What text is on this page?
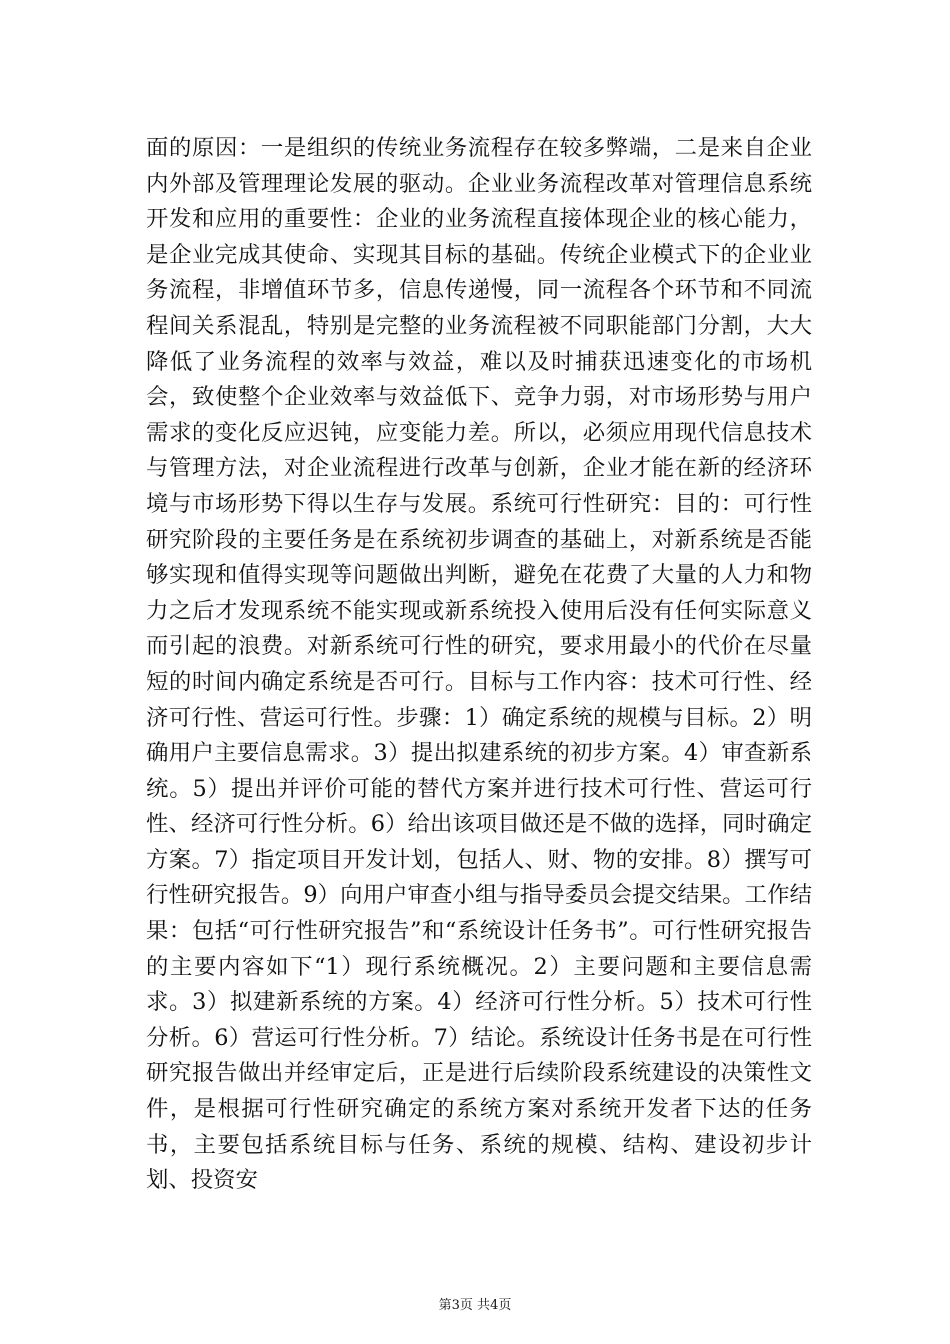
面的原因：一是组织的传统业务流程存在较多弊端，二是来自企业内外部及管理理论发展的驱动。企业业务流程改革对管理信息系统开发和应用的重要性：企业的业务流程直接体现企业的核心能力，是企业完成其使命、实现其目标的基础。传统企业模式下的企业业务流程，非增值环节多，信息传递慢，同一流程各个环节和不同流程间关系混乱，特别是完整的业务流程被不同职能部门分割，大大降低了业务流程的效率与效益，难以及时捕获迅速变化的市场机会，致使整个企业效率与效益低下、竞争力弱，对市场形势与用户需求的变化反应迟钝，应变能力差。所以，必须应用现代信息技术与管理方法，对企业流程进行改革与创新，企业才能在新的经济环境与市场形势下得以生存与发展。系统可行性研究：目的：可行性研究阶段的主要任务是在系统初步调查的基础上，对新系统是否能够实现和值得实现等问题做出判断，避免在花费了大量的人力和物力之后才发现系统不能实现或新系统投入使用后没有任何实际意义而引起的浪费。对新系统可行性的研究，要求用最小的代价在尽量短的时间内确定系统是否可行。目标与工作内容：技术可行性、经济可行性、营运可行性。步骤：1）确定系统的规模与目标。2）明确用户主要信息需求。3）提出拟建系统的初步方案。4）审查新系统。5）提出并评价可能的替代方案并进行技术可行性、营运可行性、经济可行性分析。6）给出该项目做还是不做的选择，同时确定方案。7）指定项目开发计划，包括人、财、物的安排。8）撰写可行性研究报告。9）向用户审查小组与指导委员会提交结果。工作结果：包括“可行性研究报告”和“系统设计任务书”。可行性研究报告的主要内容如下“1）现行系统概况。2）主要问题和主要信息需求。3）拟建新系统的方案。4）经济可行性分析。5）技术可行性分析。6）营运可行性分析。7）结论。系统设计任务书是在可行性研究报告做出并经审定后，正是进行后续阶段系统建设的决策性文件，是根据可行性研究确定的系统方案对系统开发者下达的任务书，主要包括系统目标与任务、系统的规模、结构、建设初步计划、投资安

第3页 共4页
